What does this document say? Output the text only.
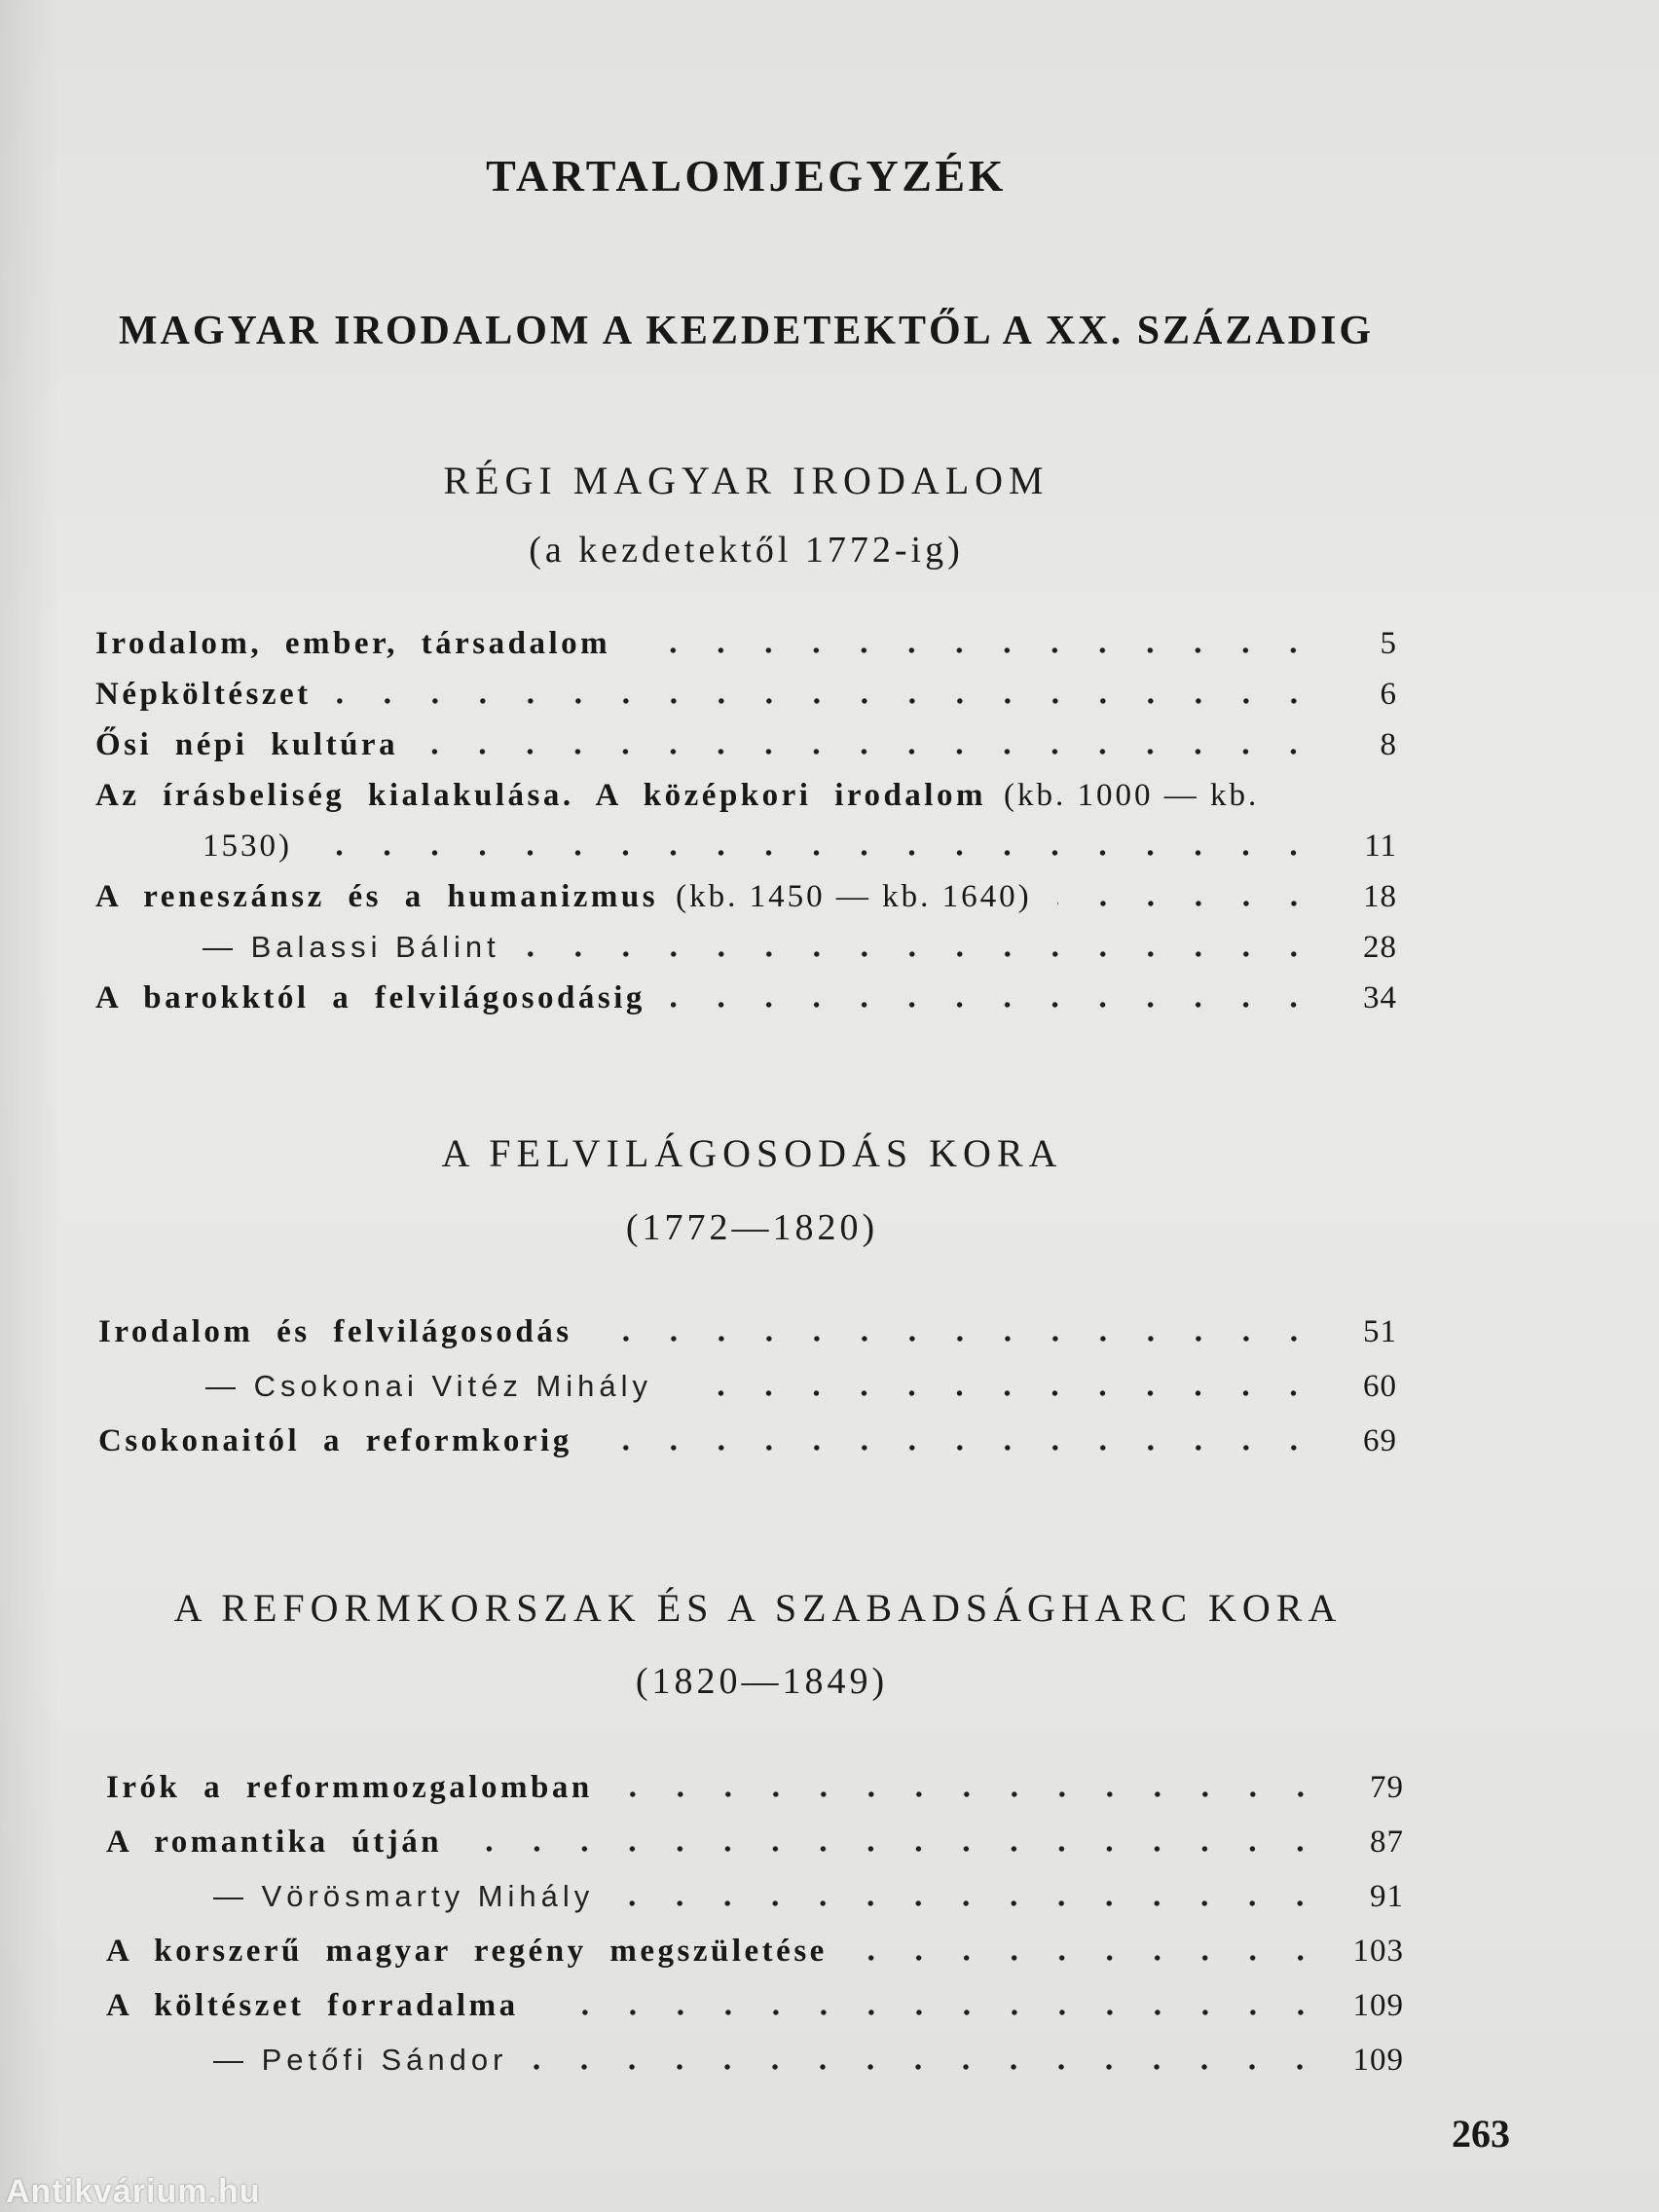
TARTALOMJEGYZÉK
MAGYAR IRODALOM A KEZDETEKTŐL A XX. SZÁZADIG
RÉGI MAGYAR IRODALOM
(a kezdetektől 1772-ig)
Irodalom, ember, társadalom	5
Népköltészet	6
Ősi népi kultúra	8
Az írásbeliség kialakulása. A középkori irodalom (kb. 1000 — kb.
1530)	11
A reneszánsz és a humanizmus (kb. 1450 — kb. 1640)	18
— Balassi Bálint	28
A barokktól a felvilágosodásig	34
A FELVILÁGOSODÁS KORA
(1772—1820)
Irodalom és felvilágosodás	51
— Csokonai Vitéz Mihály	60
Csokonaitól a reformkorig	69
A REFORMKORSZAK ÉS A SZABADSÁGHARC KORA
(1820—1849)
Irók a reformmozgalomban	79
A romantika útján	87
— Vörösmarty Mihály	91
A korszerű magyar regény megszületése	103
A költészet forradalma	109
— Petőfi Sándor	109
263
Antikvárium.hu
